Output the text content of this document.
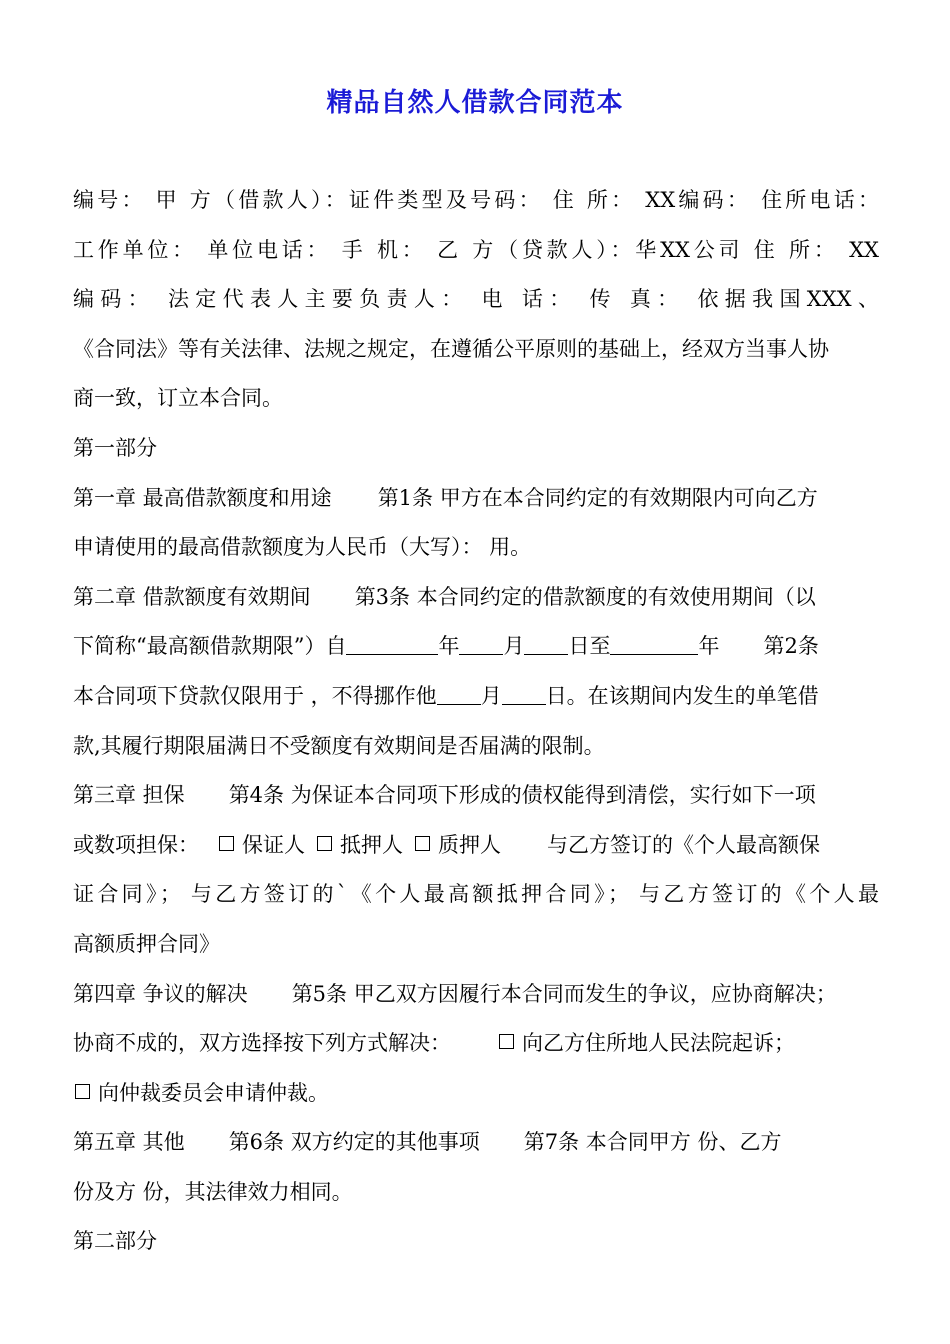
精品自然人借款合同范本
编号： 甲 方（借款人）：证件类型及号码： 住 所： XX编码： 住所电话：
工作单位： 单位电话： 手 机： 乙 方（贷款人）：华XX公司 住 所： XX
编码： 法定代表人主要负责人： 电 话： 传 真： 依据我国XXX、
《合同法》等有关法律、法规之规定，在遵循公平原则的基础上，经双方当事人协
商一致，订立本合同。
第一部分
第一章 最高借款额度和用途 第1条 甲方在本合同约定的有效期限内可向乙方
申请使用的最高借款额度为人民币（大写）： 用。
第二章 借款额度有效期间 第3条 本合同约定的借款额度的有效使用期间（以
下简称“最高额借款期限”）自	年 月 日至	年 第2条
本合同项下贷款仅限用于 ，不得挪作他 月 日。在该期间内发生的单笔借
款,其履行期限届满日不受额度有效期间是否届满的限制。
第三章 担保 第4条 为保证本合同项下形成的债权能得到清偿，实行如下一项
或数项担保： 保证人 抵押人 质押人 与乙方签订的《个人最高额保
证合同》； 与乙方签订的`《个人最高额抵押合同》； 与乙方签订的《个人最
高额质押合同》
第四章 争议的解决 第5条 甲乙双方因履行本合同而发生的争议，应协商解决；
协商不成的，双方选择按下列方式解决：	向乙方住所地人民法院起诉；
向仲裁委员会申请仲裁。
第五章 其他 第6条 双方约定的其他事项 第7条 本合同甲方 份、乙方
份及方 份，其法律效力相同。
第二部分
